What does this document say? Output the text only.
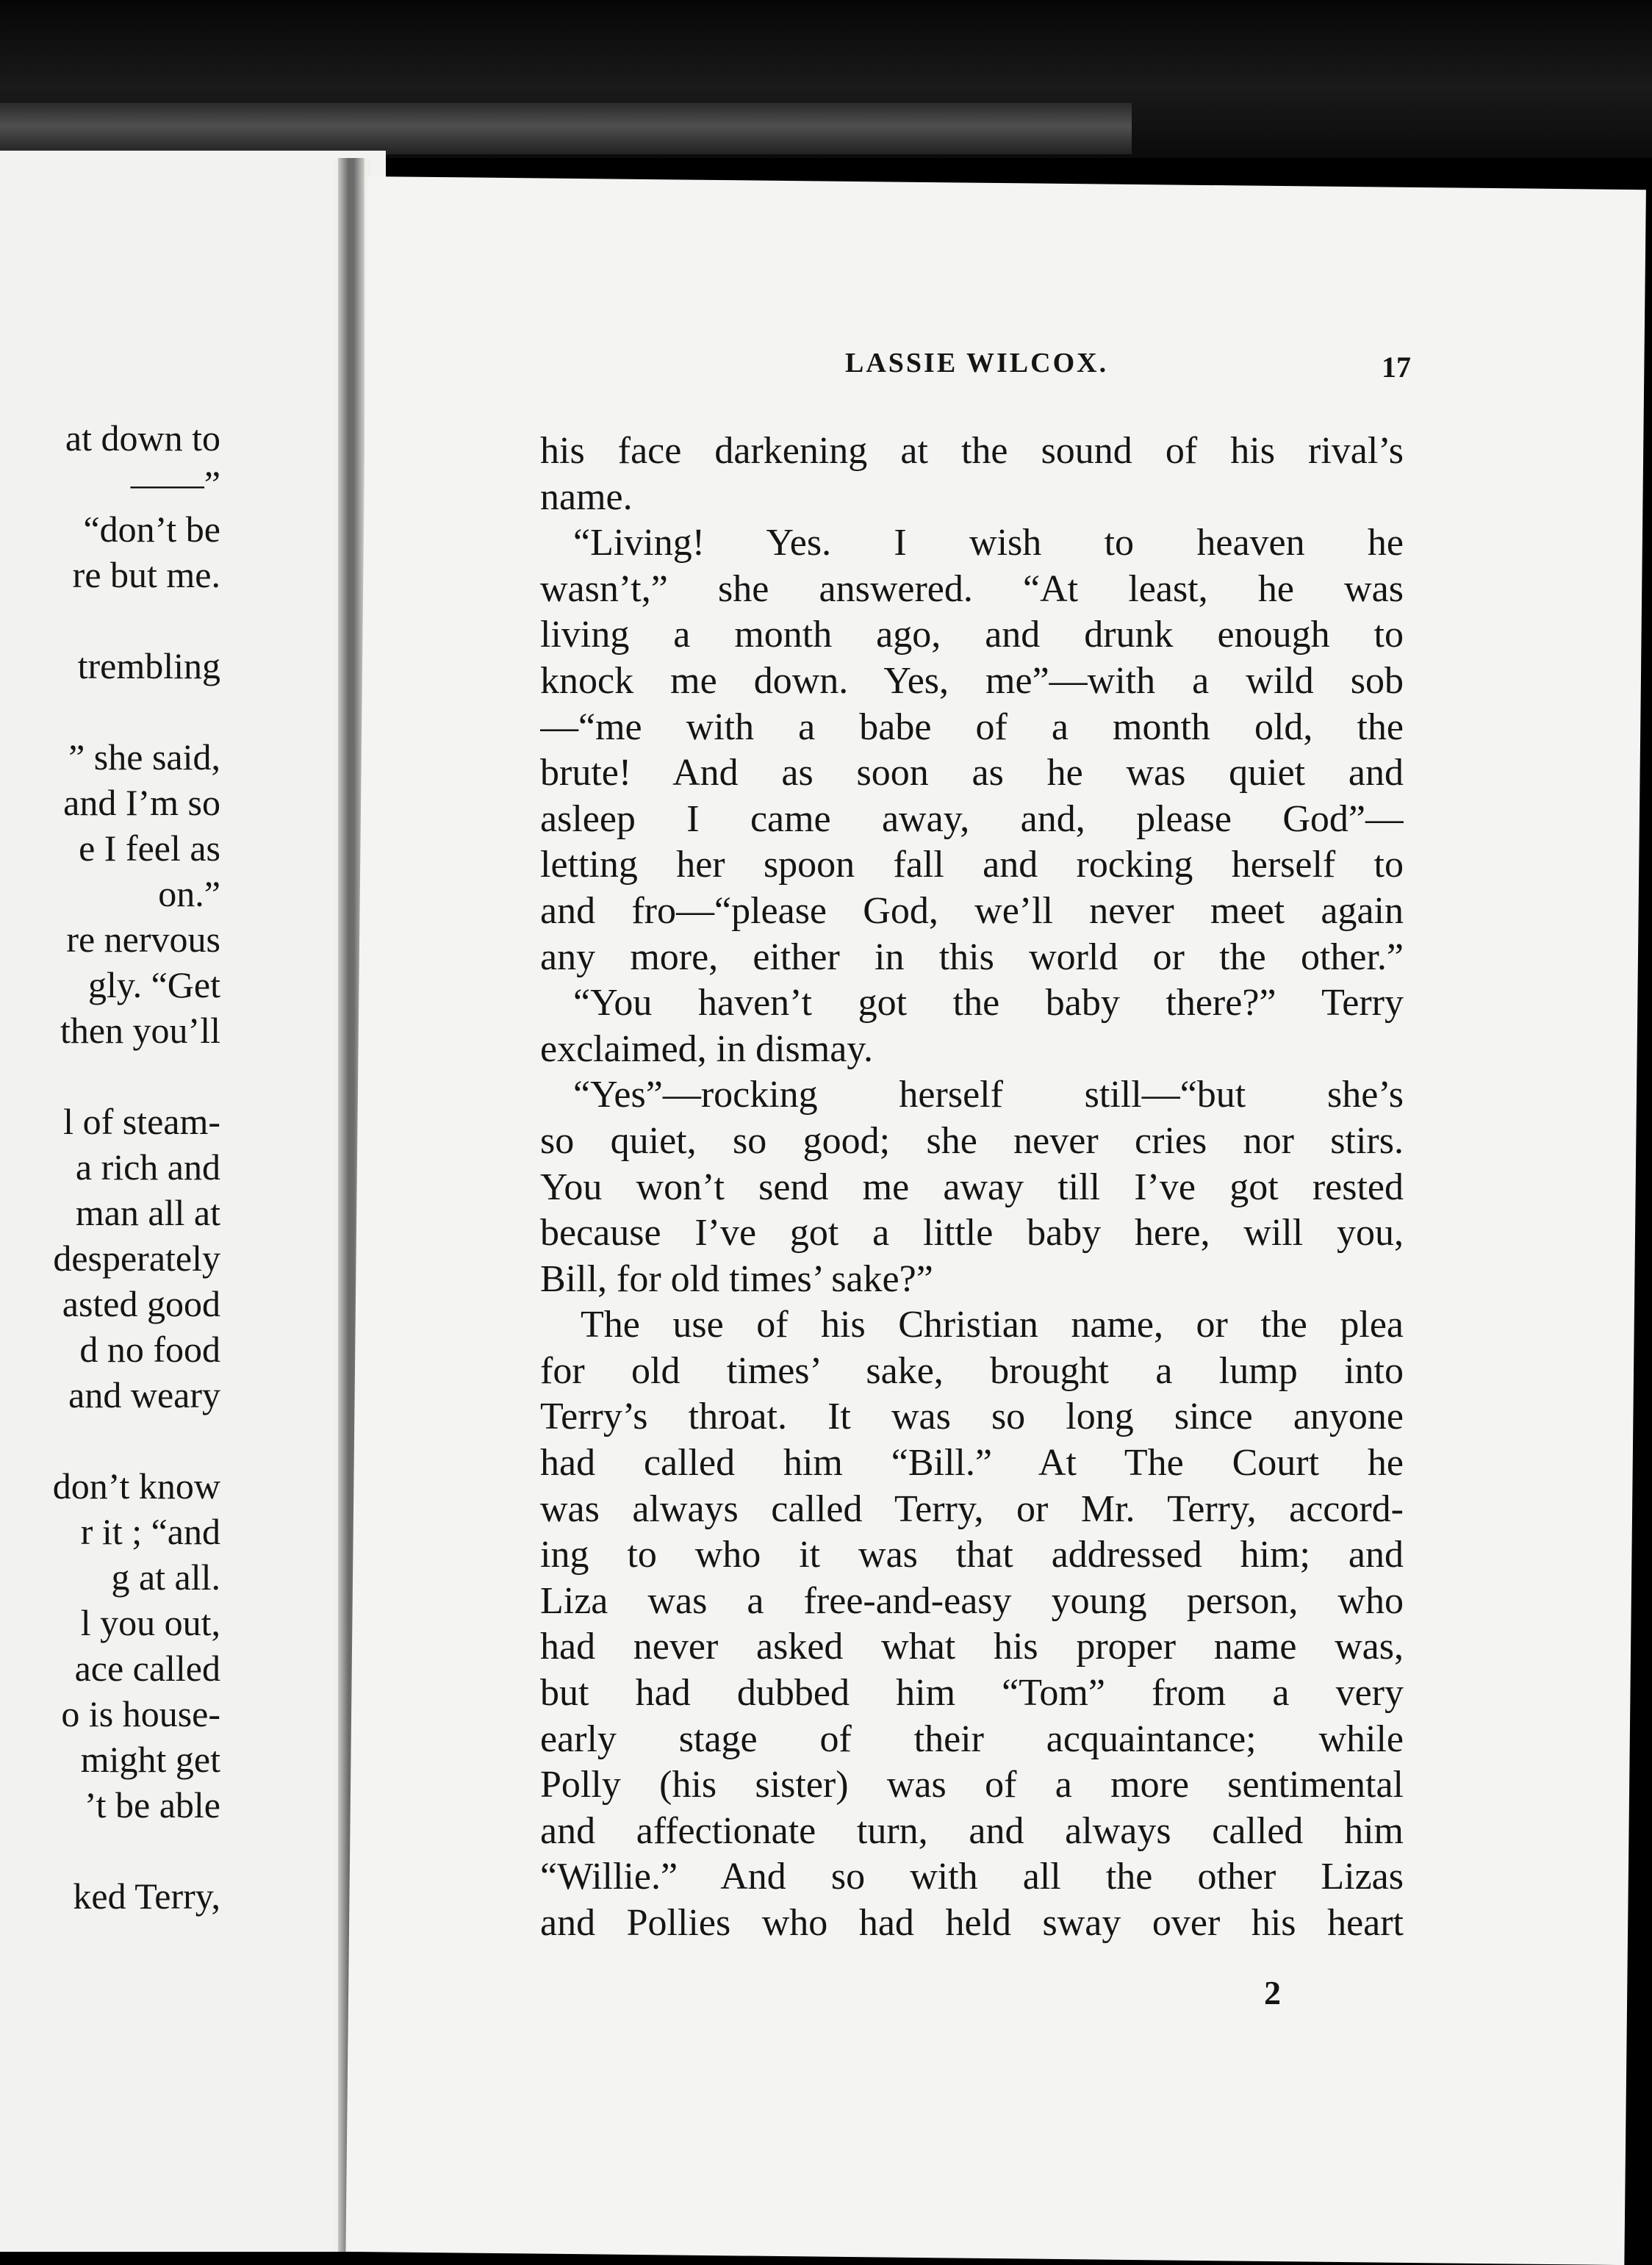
at down to
——”
“don’t be
re but me.
trembling
” she said,
and I’m so
e I feel as
on.”
re nervous
gly. “Get
then you’ll
l of steam-
a rich and
man all at
desperately
asted good
d no food
and weary
don’t know
r it ; “and
g at all.
l you out,
ace called
o is house-
might get
’t be able
ked Terry,
LASSIE WILCOX.	17
his face darkening at the sound of his rival’s
name.
“Living! Yes. I wish to heaven he
wasn’t,” she answered. “At least, he was
living a month ago, and drunk enough to
knock me down. Yes, me”—with a wild sob
—“me with a babe of a month old, the
brute! And as soon as he was quiet and
asleep I came away, and, please God”—
letting her spoon fall and rocking herself to
and fro—“please God, we’ll never meet again
any more, either in this world or the other.”
“You haven’t got the baby there?” Terry
exclaimed, in dismay.
“Yes”—rocking herself still—“but she’s
so quiet, so good; she never cries nor stirs.
You won’t send me away till I’ve got rested
because I’ve got a little baby here, will you,
Bill, for old times’ sake?”
The use of his Christian name, or the plea
for old times’ sake, brought a lump into
Terry’s throat. It was so long since anyone
had called him “Bill.” At The Court he
was always called Terry, or Mr. Terry, accord-
ing to who it was that addressed him; and
Liza was a free-and-easy young person, who
had never asked what his proper name was,
but had dubbed him “Tom” from a very
early stage of their acquaintance; while
Polly (his sister) was of a more sentimental
and affectionate turn, and always called him
“Willie.” And so with all the other Lizas
and Pollies who had held sway over his heart
2
